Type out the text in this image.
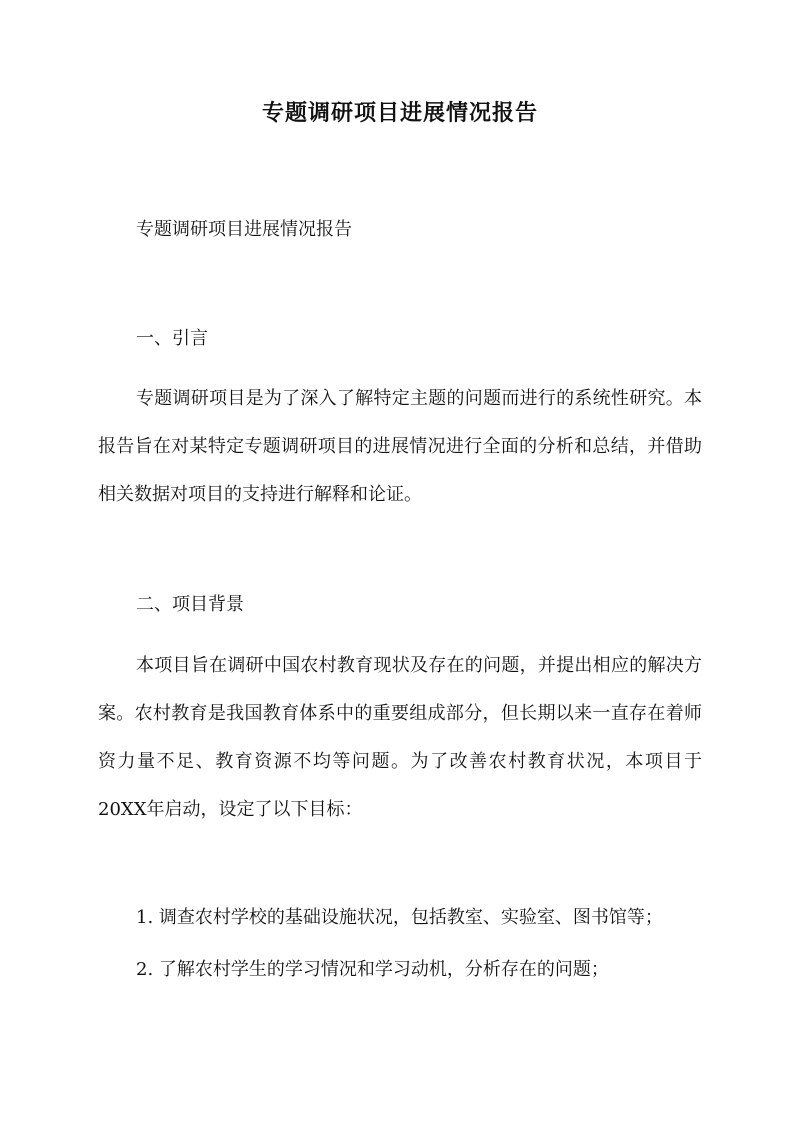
专题调研项目进展情况报告
专题调研项目进展情况报告
一、引言

专题调研项目是为了深入了解特定主题的问题而进行的系统性研究。本报告旨在对某特定专题调研项目的进展情况进行全面的分析和总结，并借助相关数据对项目的支持进行解释和论证。

二、项目背景

本项目旨在调研中国农村教育现状及存在的问题，并提出相应的解决方案。农村教育是我国教育体系中的重要组成部分，但长期以来一直存在着师资力量不足、教育资源不均等问题。为了改善农村教育状况，本项目于20XX年启动，设定了以下目标：

1. 调查农村学校的基础设施状况，包括教室、实验室、图书馆等；
2. 了解农村学生的学习情况和学习动机，分析存在的问题；
